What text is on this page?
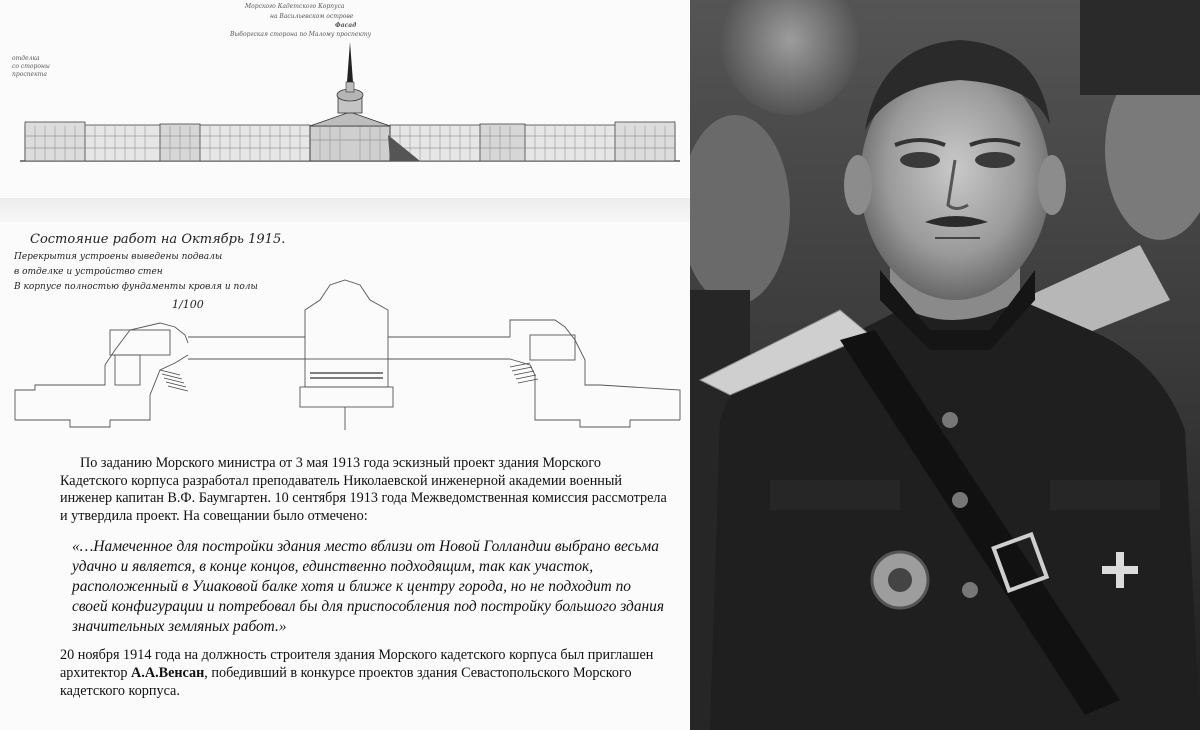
Морского Кадетского Корпуса
на Васильевском острове
Фасад
Выборгская сторона по Малому проспекту
отделка
со стороны
проспекта
Состояние работ на Октябрь 1915.
Перекрытия устроены выведены подвалы
в отделке и устройство стен
В корпусе полностью фундаменты кровля и полы
1/100

По заданию Морского министра от 3 мая 1913 года эскизный проект здания Морского Кадетского корпуса разработал преподаватель Николаевской инженерной академии военный инженер капитан В.Ф. Баумгартен. 10 сентября 1913 года Межведомственная комиссия рассмотрела и утвердила проект. На совещании было отмечено:

«…Намеченное для постройки здания место вблизи от Новой Голландии выбрано весьма удачно и является, в конце концов, единственно подходящим, так как участок, расположенный в Ушаковой балке хотя и ближе к центру города, но не подходит по своей конфигурации и потребовал бы для приспособления под постройку большого здания значительных земляных работ.»

20 ноября 1914 года на должность строителя здания Морского кадетского корпуса был приглашен архитектор А.А.Венсан, победивший в конкурсе проектов здания Севастопольского Морского кадетского корпуса.
